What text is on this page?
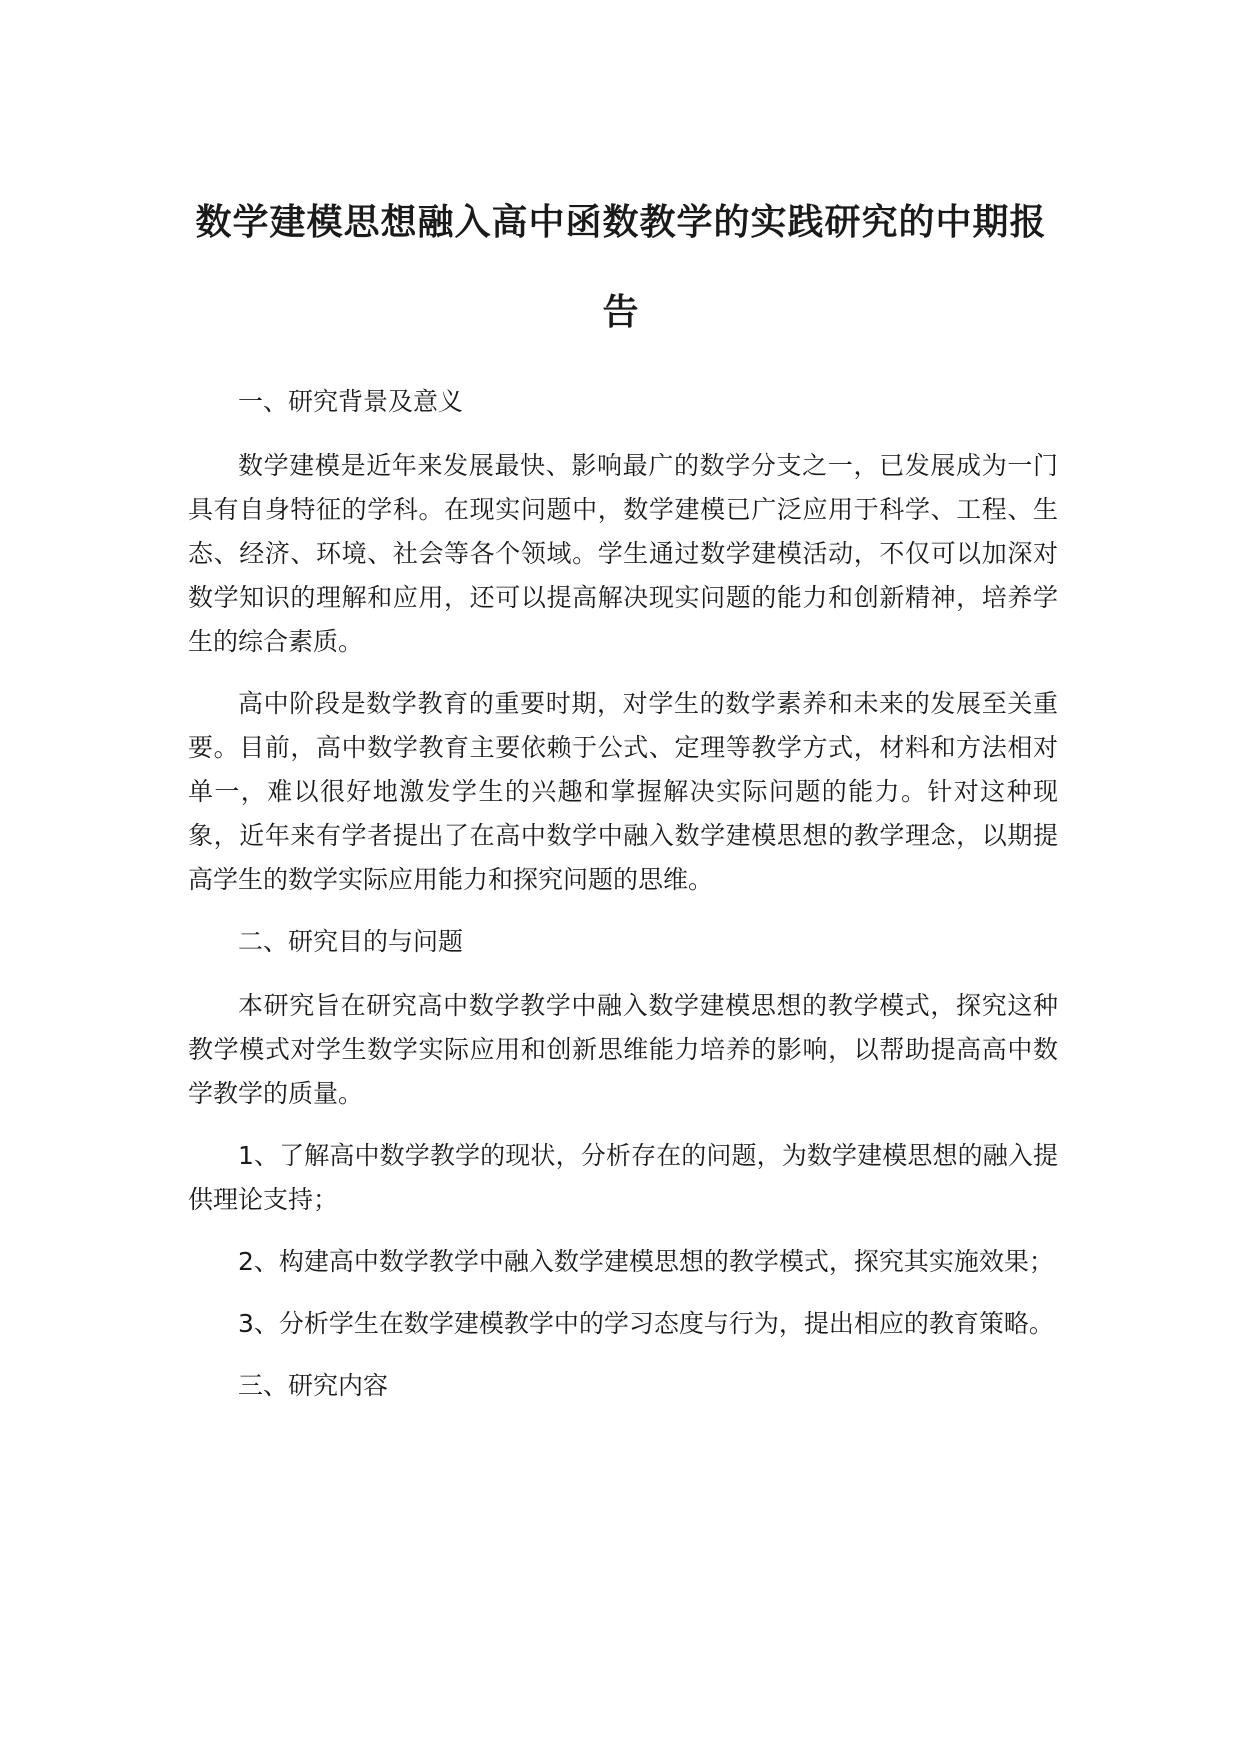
数学建模思想融入高中函数教学的实践研究的中期报告
一、研究背景及意义

数学建模是近年来发展最快、影响最广的数学分支之一，已发展成为一门具有自身特征的学科。在现实问题中，数学建模已广泛应用于科学、工程、生态、经济、环境、社会等各个领域。学生通过数学建模活动，不仅可以加深对数学知识的理解和应用，还可以提高解决现实问题的能力和创新精神，培养学生的综合素质。

高中阶段是数学教育的重要时期，对学生的数学素养和未来的发展至关重要。目前，高中数学教育主要依赖于公式、定理等教学方式，材料和方法相对单一，难以很好地激发学生的兴趣和掌握解决实际问题的能力。针对这种现象，近年来有学者提出了在高中数学中融入数学建模思想的教学理念，以期提高学生的数学实际应用能力和探究问题的思维。

二、研究目的与问题

本研究旨在研究高中数学教学中融入数学建模思想的教学模式，探究这种教学模式对学生数学实际应用和创新思维能力培养的影响，以帮助提高高中数学教学的质量。

1、了解高中数学教学的现状，分析存在的问题，为数学建模思想的融入提供理论支持；

2、构建高中数学教学中融入数学建模思想的教学模式，探究其实施效果；

3、分析学生在数学建模教学中的学习态度与行为，提出相应的教育策略。

三、研究内容
